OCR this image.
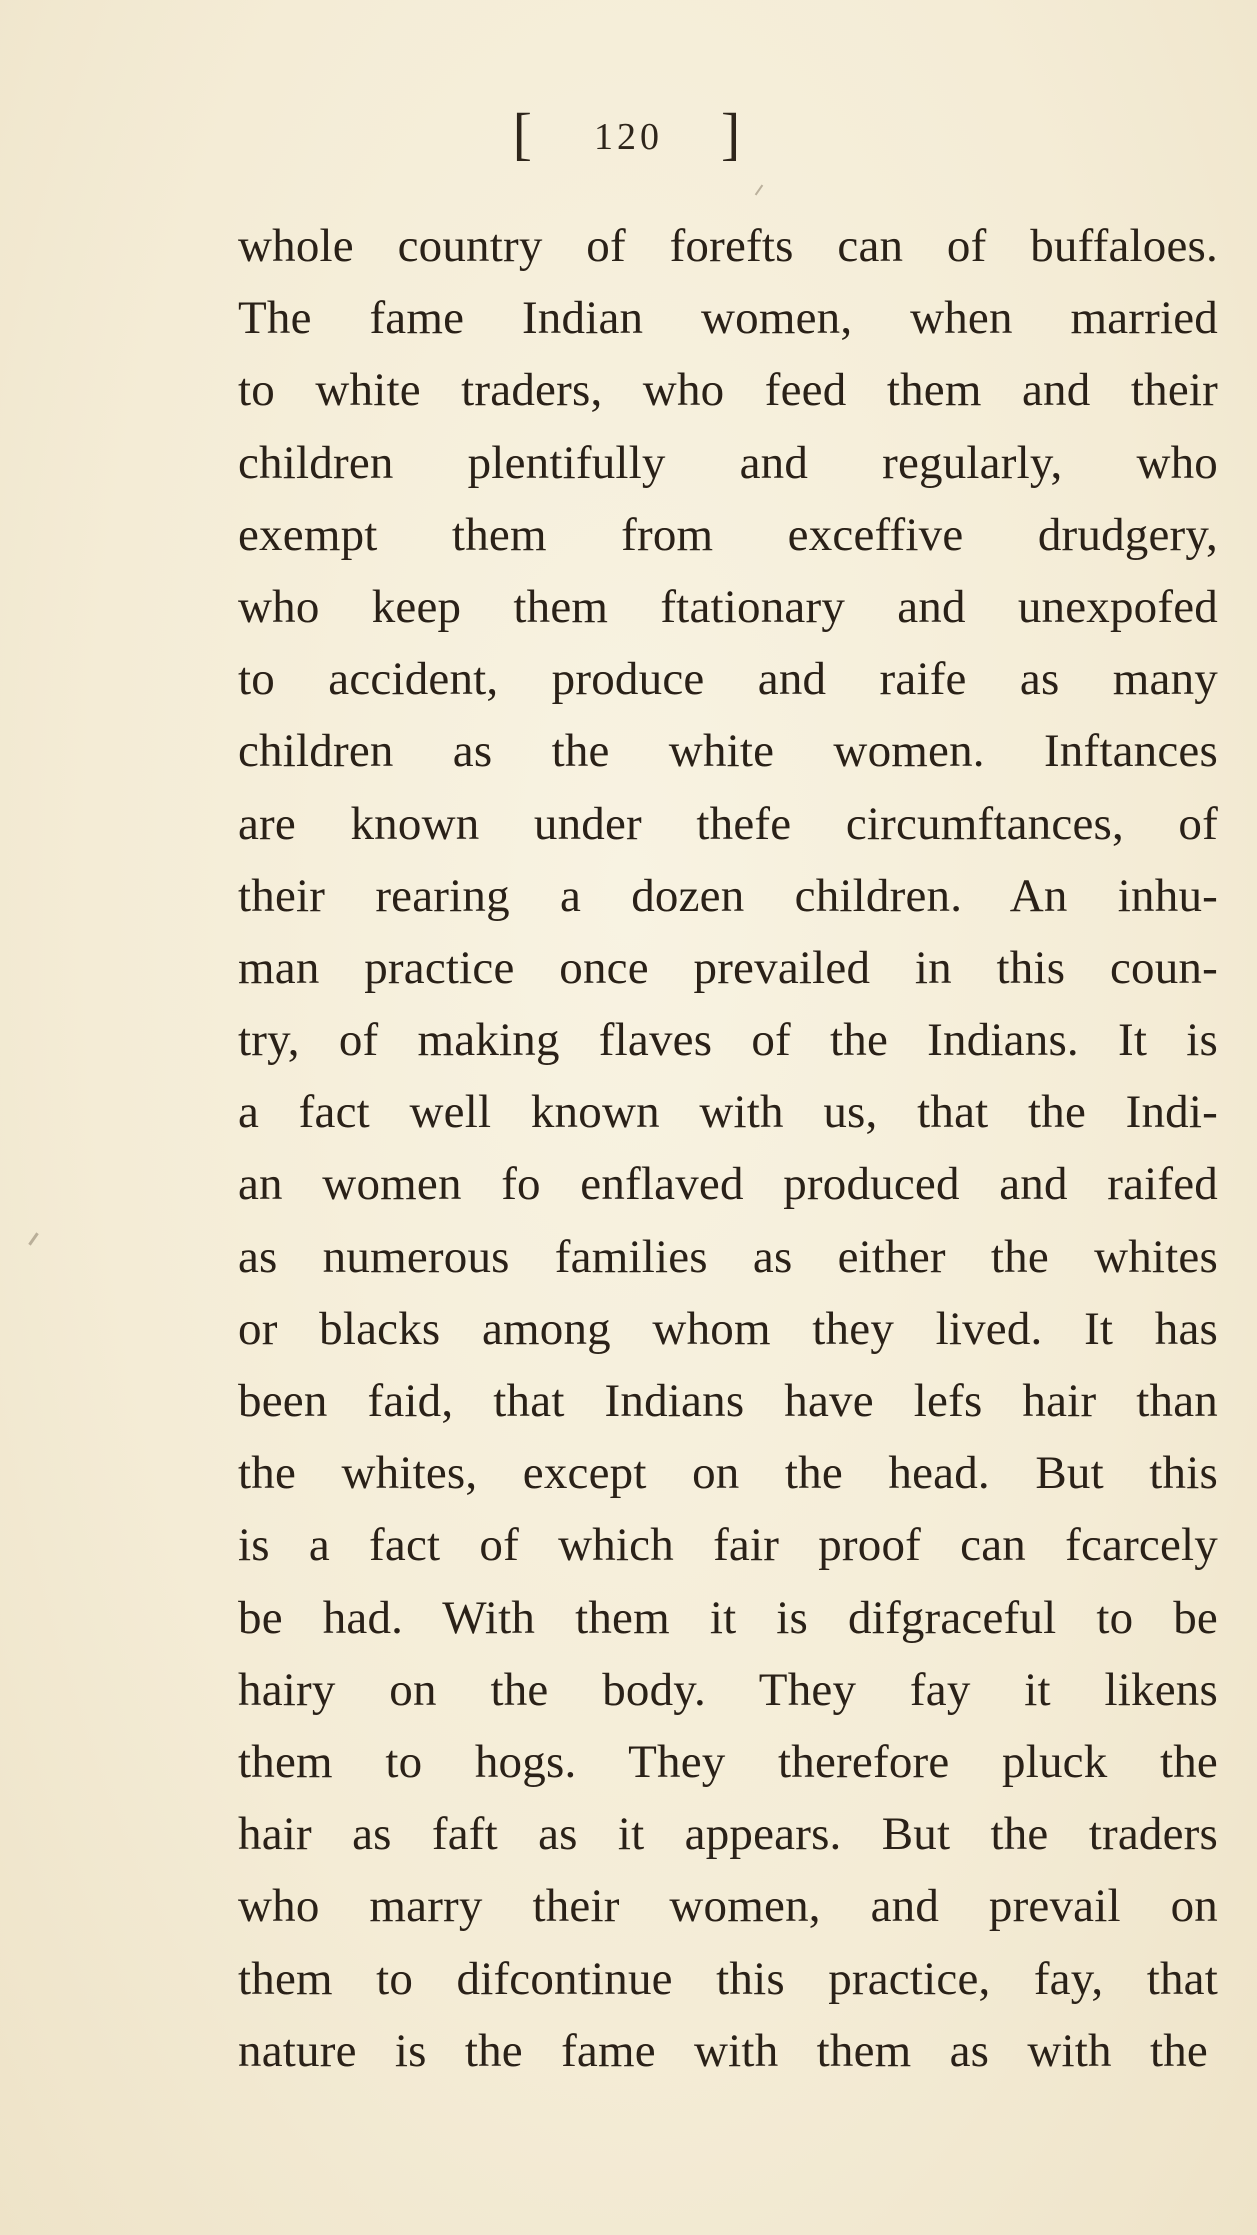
[ 120 ]
whole country of forefts can of buffaloes.
The fame Indian women, when married
to white traders, who feed them and their
children plentifully and regularly, who
exempt them from exceffive drudgery,
who keep them ftationary and unexpofed
to accident, produce and raife as many
children as the white women. Inftances
are known under thefe circumftances, of
their rearing a dozen children. An inhu-
man practice once prevailed in this coun-
try, of making flaves of the Indians. It is
a fact well known with us, that the Indi-
an women fo enflaved produced and raifed
as numerous families as either the whites
or blacks among whom they lived. It has
been faid, that Indians have lefs hair than
the whites, except on the head. But this
is a fact of which fair proof can fcarcely
be had. With them it is difgraceful to be
hairy on the body. They fay it likens
them to hogs. They therefore pluck the
hair as faft as it appears. But the traders
who marry their women, and prevail on
them to difcontinue this practice, fay, that
nature is the fame with them as with the
